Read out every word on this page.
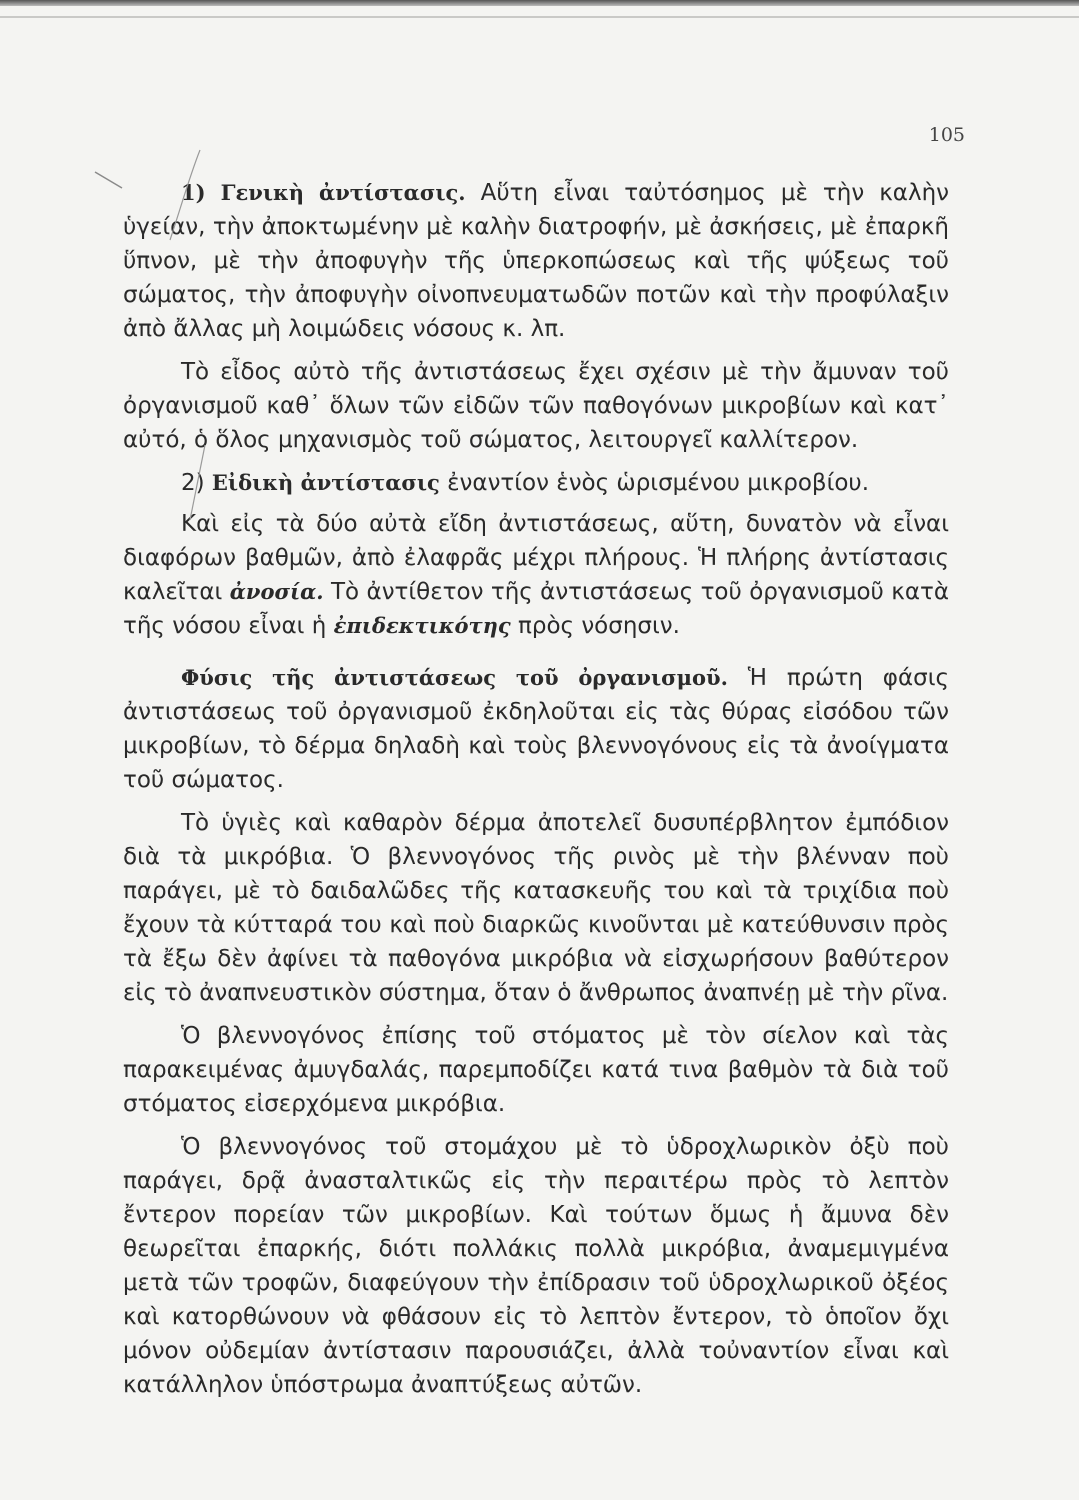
105

1) Γενικὴ ἀντίστασις. Αὕτη εἶναι ταὐτόσημος μὲ τὴν καλὴν ὑγείαν, τὴν ἀποκτωμένην μὲ καλὴν διατροφήν, μὲ ἀσκήσεις, μὲ ἐπαρκῆ ὕπνον, μὲ τὴν ἀποφυγὴν τῆς ὑπερκοπώσεως καὶ τῆς ψύξεως τοῦ σώματος, τὴν ἀποφυγὴν οἰνοπνευματωδῶν ποτῶν καὶ τὴν προφύλαξιν ἀπὸ ἄλλας μὴ λοιμώδεις νόσους κ. λπ.

Τὸ εἶδος αὐτὸ τῆς ἀντιστάσεως ἔχει σχέσιν μὲ τὴν ἄμυναν τοῦ ὀργανισμοῦ καθ᾽ ὅλων τῶν εἰδῶν τῶν παθογόνων μικροβίων καὶ κατ᾽ αὐτό, ὁ ὅλος μηχανισμὸς τοῦ σώματος, λειτουργεῖ καλλίτερον.

2) Εἰδικὴ ἀντίστασις ἐναντίον ἑνὸς ὡρισμένου μικροβίου.

Καὶ εἰς τὰ δύο αὐτὰ εἴδη ἀντιστάσεως, αὕτη, δυνατὸν νὰ εἶναι διαφόρων βαθμῶν, ἀπὸ ἐλαφρᾶς μέχρι πλήρους. Ἡ πλήρης ἀντίστασις καλεῖται ἀνοσία. Τὸ ἀντίθετον τῆς ἀντιστάσεως τοῦ ὀργανισμοῦ κατὰ τῆς νόσου εἶναι ἡ ἐπιδεκτικότης πρὸς νόσησιν.

Φύσις τῆς ἀντιστάσεως τοῦ ὀργανισμοῦ. Ἡ πρώτη φάσις ἀντιστάσεως τοῦ ὀργανισμοῦ ἐκδηλοῦται εἰς τὰς θύρας εἰσόδου τῶν μικροβίων, τὸ δέρμα δηλαδὴ καὶ τοὺς βλεννογόνους εἰς τὰ ἀνοίγματα τοῦ σώματος.

Τὸ ὑγιὲς καὶ καθαρὸν δέρμα ἀποτελεῖ δυσυπέρβλητον ἐμπόδιον διὰ τὰ μικρόβια. Ὁ βλεννογόνος τῆς ρινὸς μὲ τὴν βλένναν ποὺ παράγει, μὲ τὸ δαιδαλῶδες τῆς κατασκευῆς του καὶ τὰ τριχίδια ποὺ ἔχουν τὰ κύτταρά του καὶ ποὺ διαρκῶς κινοῦνται μὲ κατεύθυνσιν πρὸς τὰ ἔξω δὲν ἀφίνει τὰ παθογόνα μικρόβια νὰ εἰσχωρήσουν βαθύτερον εἰς τὸ ἀναπνευστικὸν σύστημα, ὅταν ὁ ἄνθρωπος ἀναπνέῃ μὲ τὴν ρῖνα.

Ὁ βλεννογόνος ἐπίσης τοῦ στόματος μὲ τὸν σίελον καὶ τὰς παρακειμένας ἀμυγδαλάς, παρεμποδίζει κατά τινα βαθμὸν τὰ διὰ τοῦ στόματος εἰσερχόμενα μικρόβια.

Ὁ βλεννογόνος τοῦ στομάχου μὲ τὸ ὑδροχλωρικὸν ὀξὺ ποὺ παράγει, δρᾷ ἀνασταλτικῶς εἰς τὴν περαιτέρω πρὸς τὸ λεπτὸν ἔντερον πορείαν τῶν μικροβίων. Καὶ τούτων ὅμως ἡ ἄμυνα δὲν θεωρεῖται ἐπαρκής, διότι πολλάκις πολλὰ μικρόβια, ἀναμεμιγμένα μετὰ τῶν τροφῶν, διαφεύγουν τὴν ἐπίδρασιν τοῦ ὑδροχλωρικοῦ ὀξέος καὶ κατορθώνουν νὰ φθάσουν εἰς τὸ λεπτὸν ἔντερον, τὸ ὁποῖον ὄχι μόνον οὐδεμίαν ἀντίστασιν παρουσιάζει, ἀλλὰ τοὐναντίον εἶναι καὶ κατάλληλον ὑπόστρωμα ἀναπτύξεως αὐτῶν.
